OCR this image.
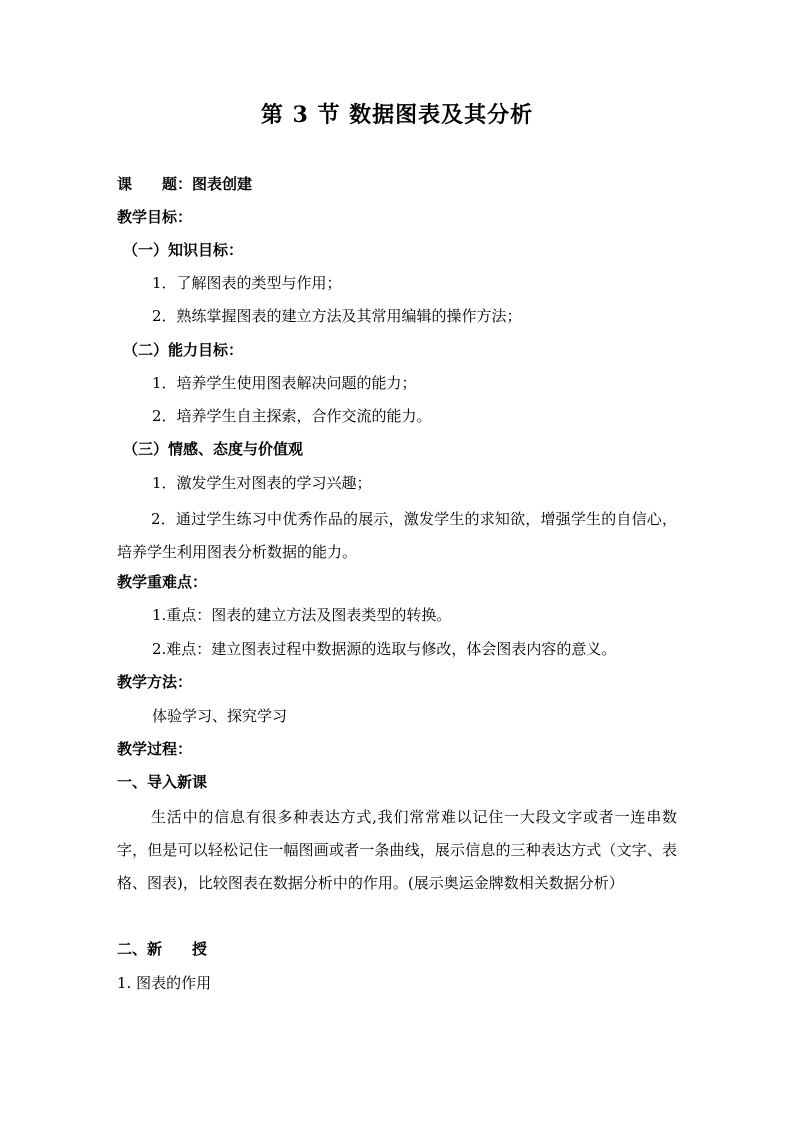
第 3 节 数据图表及其分析
课　　题：图表创建
教学目标：
（一）知识目标：
1．了解图表的类型与作用；
2．熟练掌握图表的建立方法及其常用编辑的操作方法；
（二）能力目标：
1．培养学生使用图表解决问题的能力；
2．培养学生自主探索，合作交流的能力。
（三）情感、态度与价值观
1．激发学生对图表的学习兴趣；
2．通过学生练习中优秀作品的展示，激发学生的求知欲，增强学生的自信心，培养学生利用图表分析数据的能力。
教学重难点：
1.重点：图表的建立方法及图表类型的转换。
2.难点：建立图表过程中数据源的选取与修改，体会图表内容的意义。
教学方法：
体验学习、探究学习
教学过程：
一、导入新课
生活中的信息有很多种表达方式,我们常常难以记住一大段文字或者一连串数字，但是可以轻松记住一幅图画或者一条曲线，展示信息的三种表达方式（文字、表格、图表)，比较图表在数据分析中的作用。(展示奥运金牌数相关数据分析）
二、新　　授
1. 图表的作用
